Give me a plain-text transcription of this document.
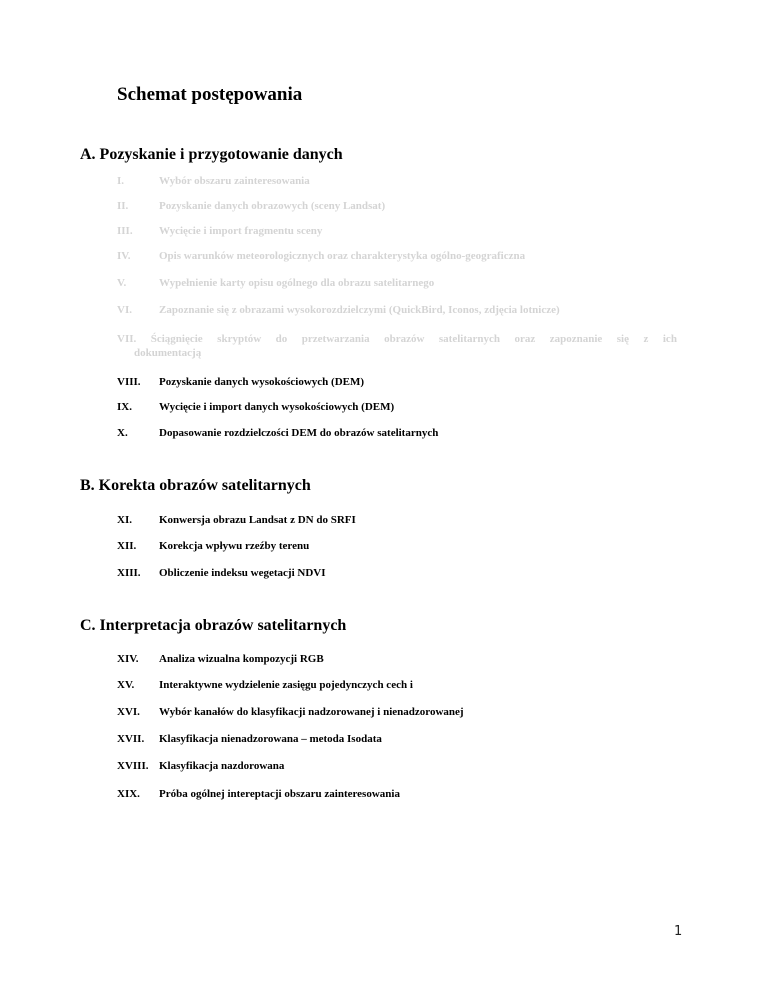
Schemat postępowania
A. Pozyskanie i przygotowanie danych
I.	Wybór obszaru zainteresowania
II.	Pozyskanie danych obrazowych (sceny Landsat)
III. Wycięcie i import fragmentu sceny
IV.	Opis warunków meteorologicznych oraz charakterystyka ogólno-geograficzna
V.	Wypełnienie karty opisu ogólnego dla obrazu satelitarnego
VI. Zapoznanie się z obrazami wysokorozdzielczymi (QuickBird, Iconos, zdjęcia lotnicze)
VII. Ściągnięcie skryptów do przetwarzania obrazów satelitarnych oraz zapoznanie się z ich
dokumentacją
VIII. Pozyskanie danych wysokościowych (DEM)
IX. Wycięcie i import danych wysokościowych (DEM)
X.	Dopasowanie rozdzielczości DEM do obrazów satelitarnych
B. Korekta obrazów satelitarnych
XI. Konwersja obrazu Landsat z DN do SRFI
XII. Korekcja wpływu rzeźby terenu
XIII. Obliczenie indeksu wegetacji NDVI
C. Interpretacja obrazów satelitarnych
XIV. Analiza wizualna kompozycji RGB
XV. Interaktywne wydzielenie zasięgu pojedynczych cech i
XVI. Wybór kanałów do klasyfikacji nadzorowanej i nienadzorowanej
XVII. Klasyfikacja nienadzorowana – metoda Isodata
XVIII. Klasyfikacja nazdorowana
XIX. Próba ogólnej intereptacji obszaru zainteresowania
1
